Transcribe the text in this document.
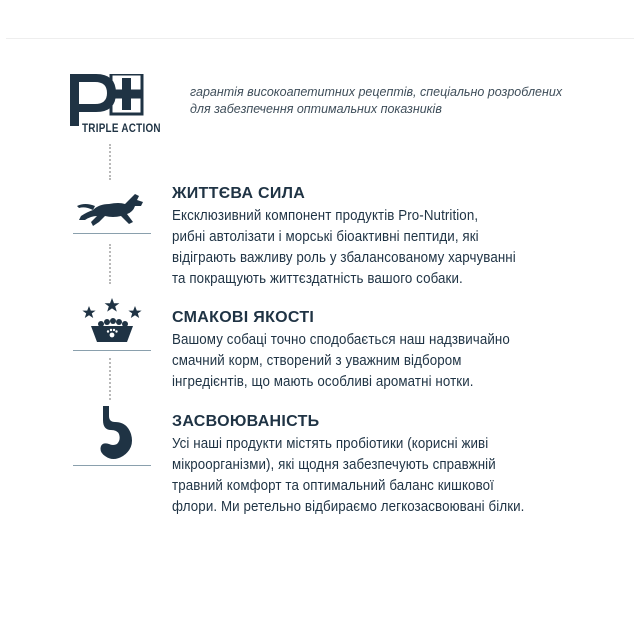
TRIPLE ACTION
гарантія високоапетитних рецептів, спеціально розроблених
для забезпечення оптимальних показників
ЖИТТЄВА СИЛА
Ексклюзивний компонент продуктів Pro-Nutrition,
рибні автолізати і морські біоактивні пептиди, які
відіграють важливу роль у збалансованому харчуванні
та покращують життєздатність вашого собаки.
СМАКОВІ ЯКОСТІ
Вашому собаці точно сподобається наш надзвичайно
смачний корм, створений з уважним відбором
інгредієнтів, що мають особливі ароматні нотки.
ЗАСВОЮВАНІСТЬ
Усі наші продукти містять пробіотики (корисні живі
мікроорганізми), які щодня забезпечують справжній
травний комфорт та оптимальний баланс кишкової
флори. Ми ретельно відбираємо легкозасвоювані білки.
